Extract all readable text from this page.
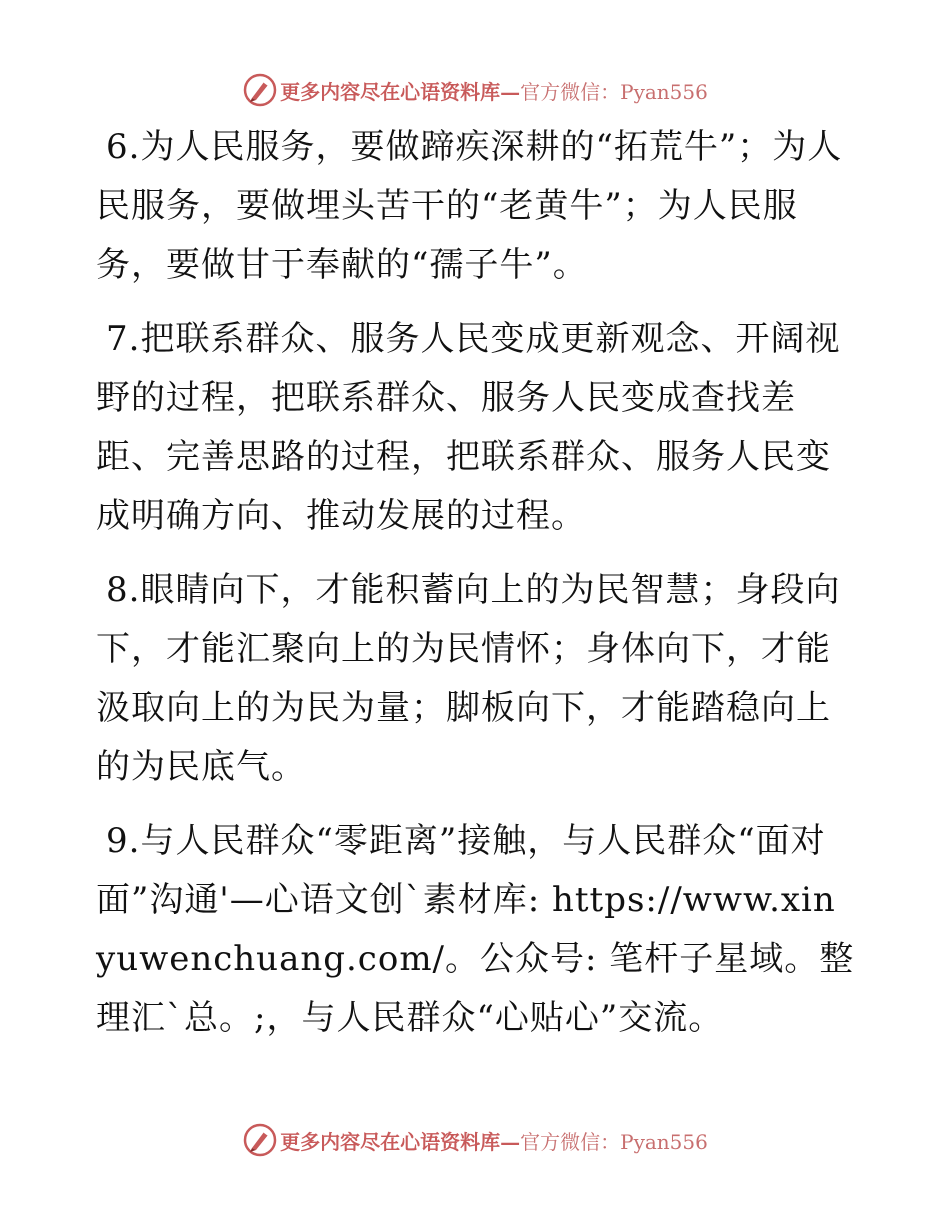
更多内容尽在心语资料库—官方微信：Pyan556

6.为人民服务，要做蹄疾深耕的“拓荒牛”；为人民服务，要做埋头苦干的“老黄牛”；为人民服务，要做甘于奉献的“孺子牛”。

7.把联系群众、服务人民变成更新观念、开阔视野的过程，把联系群众、服务人民变成查找差距、完善思路的过程，把联系群众、服务人民变成明确方向、推动发展的过程。

8.眼睛向下，才能积蓄向上的为民智慧；身段向下，才能汇聚向上的为民情怀；身体向下，才能汲取向上的为民为量；脚板向下，才能踏稳向上的为民底气。

9.与人民群众“零距离”接触，与人民群众“面对面”沟通'—心语文创`素材库: https://www.xinyuwenchuang.com/。公众号: 笔杆子星域。整理汇`总。;，与人民群众“心贴心”交流。

更多内容尽在心语资料库—官方微信：Pyan556
